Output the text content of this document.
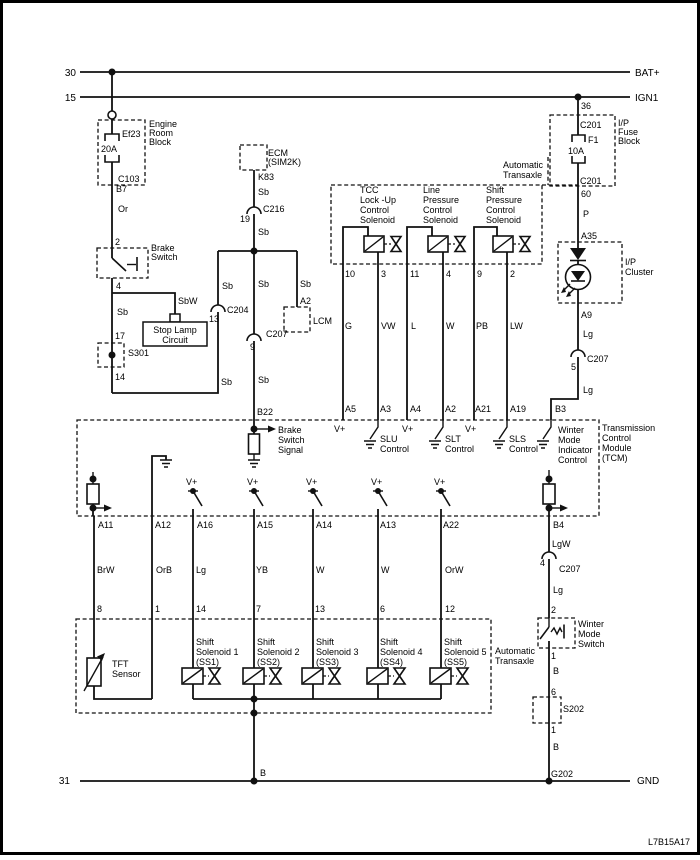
30	BAT+
15	IGN1
31	GND
Engine Room Block
Ef23
20A
C103
B7
Or
2
Brake Switch
4
SbW
Stop Lamp Circuit
Sb
17
S301
14	Sb
13
C204
Sb
ECM (SIM2K)
K83
Sb
19
C216
Sb
Sb
9
C207
Sb
B22
Sb
A2
LCM
Automatic Transaxle
TCC Lock -Up Control Solenoid
Line Pressure Control Solenoid
Shift Pressure Control Solenoid
10	3	11	4	9	2
G	VW L	W PB LW
A5	A3 A4	A2 A21 A19
36
C201
F1
10A
I/P Fuse Block
C201
60
P
A35
I/P Cluster
A9
Lg
5
C207
Lg
B3
Transmission Control Module (TCM)
Brake Switch Signal
V+	V+	V+
SLU Control
SLT Control
SLS Control
Winter Mode Indicator Control
V+	V+	V+	V+	V+
A11	A12	A16	A15	A14	A13	A22	B4
BrW	OrB	Lg	YB	W	W	OrW
8	1	14	7	13	6	12
TFT Sensor
Shift Solenoid 1 (SS1)
Shift Solenoid 2 (SS2)
Shift Solenoid 3 (SS3)
Shift Solenoid 4 (SS4)
Shift Solenoid 5 (SS5)
Automatic Transaxle
B
LgW
4
C207
Lg
2
Winter Mode Switch
1
B
6
S202
1
B
G202
L7B15A17
